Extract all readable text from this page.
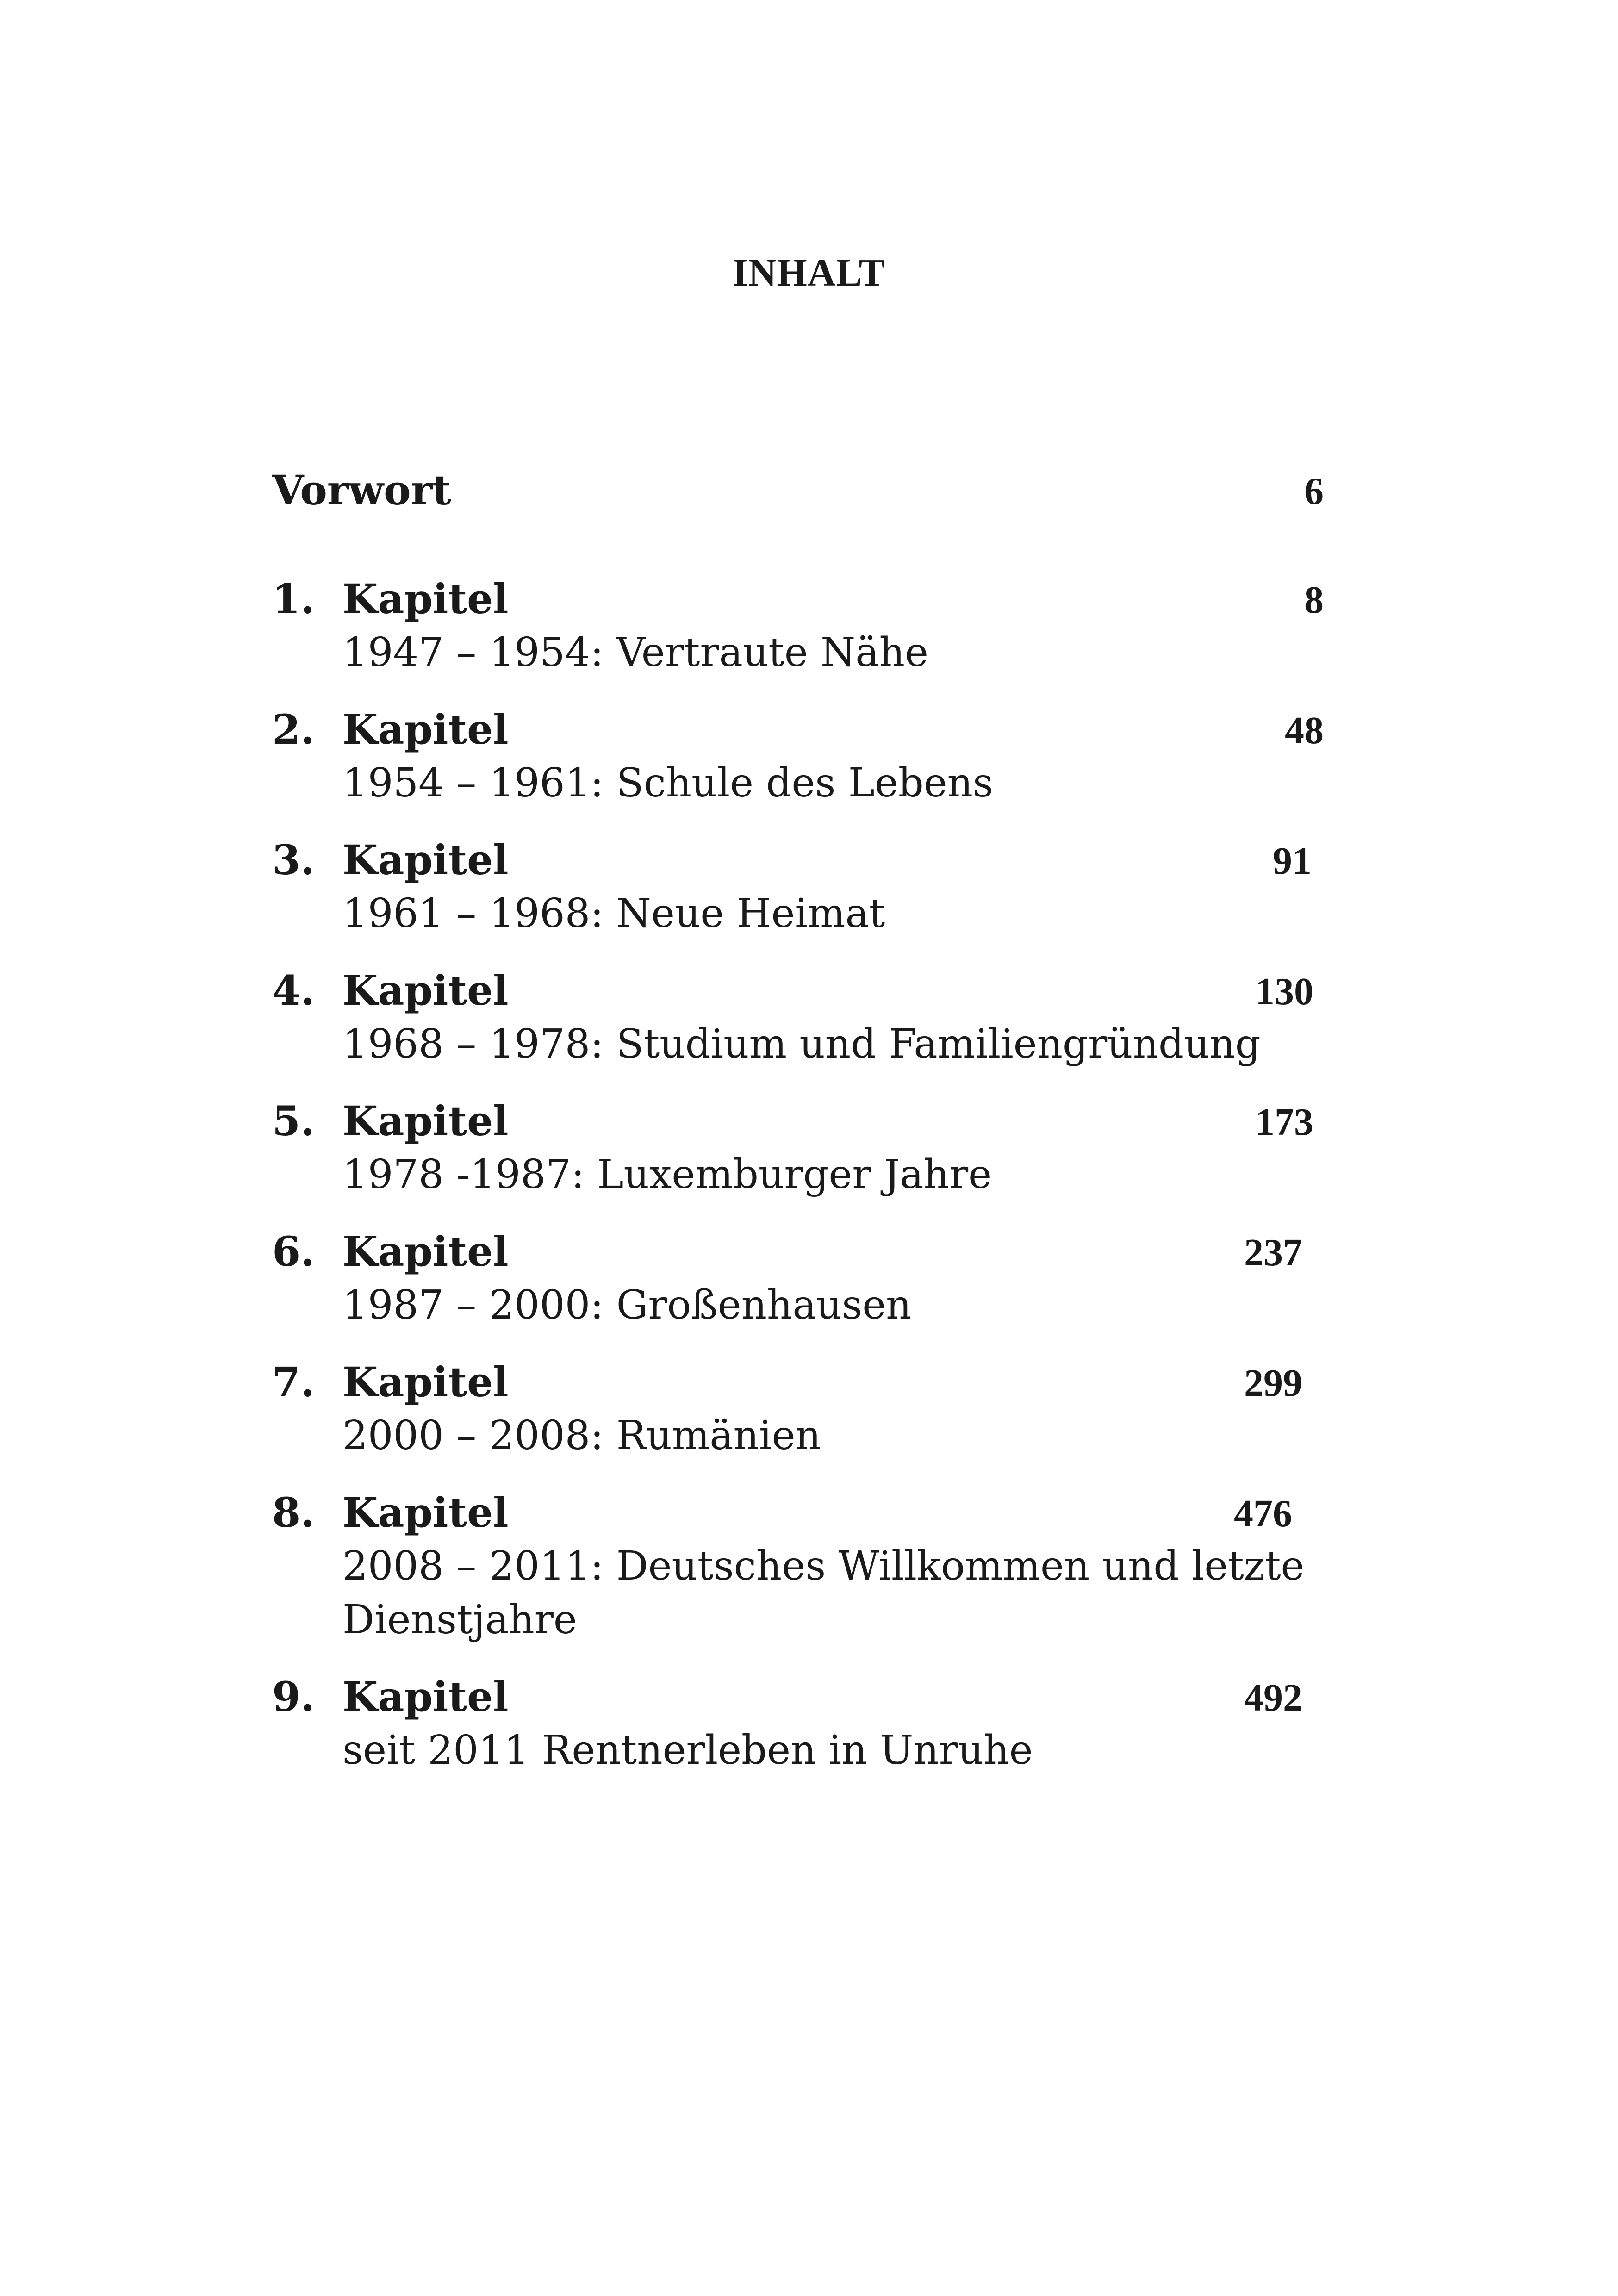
INHALT
Vorwort	6
1. Kapitel	8
1947 – 1954: Vertraute Nähe
2. Kapitel	48
1954 – 1961: Schule des Lebens
3. Kapitel	91
1961 – 1968: Neue Heimat
4. Kapitel	130
1968 – 1978: Studium und Familiengründung
5. Kapitel	173
1978 -1987: Luxemburger Jahre
6. Kapitel	237
1987 – 2000: Großenhausen
7. Kapitel	299
2000 – 2008: Rumänien
8. Kapitel	476
2008 – 2011: Deutsches Willkommen und letzte
Dienstjahre
9. Kapitel	492
seit 2011 Rentnerleben in Unruhe
